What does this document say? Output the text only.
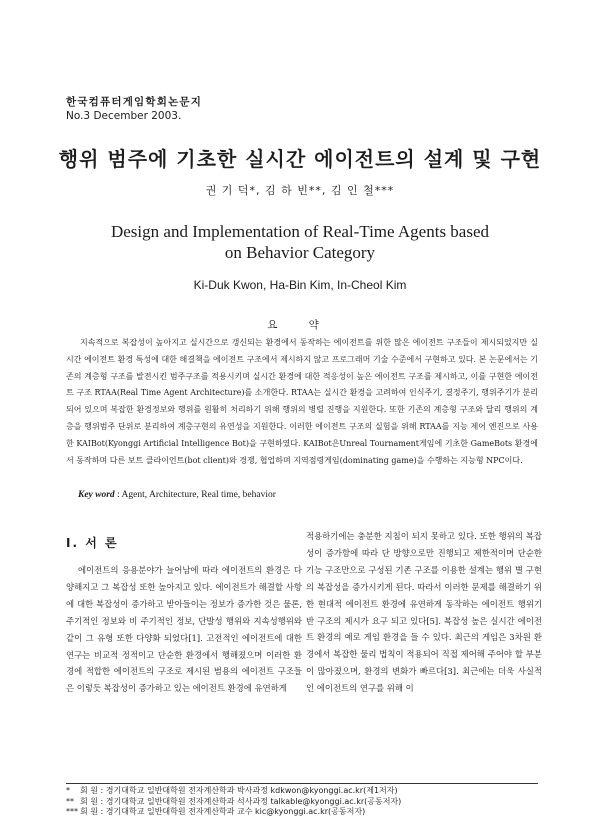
한국컴퓨터게임학회논문지
No.3 December 2003.
행위 범주에 기초한 실시간 에이전트의 설계 및 구현
권 기 덕*, 김 하 빈**, 김 인 철***
Design and Implementation of Real-Time Agents based
on Behavior Category
Ki-Duk Kwon, Ha-Bin Kim, In-Cheol Kim
요 약

지속적으로 복잡성이 높아지고 실시간으로 갱신되는 환경에서 동작하는 에이전트를 위한 많은 에이전트 구조들이 제시되었지만 실시간 에이전트 환경 특성에 대한 해결책을 에이전트 구조에서 제시하지 않고 프로그래머 기술 수준에서 구현하고 있다. 본 논문에서는 기존의 계층형 구조를 발전시킨 범주구조를 적용시키며 실시간 환경에 대한 적응성이 높은 에이전트 구조를 제시하고, 이를 구현한 에이전트 구조 RTAA(Real Time Agent Architecture)를 소개한다. RTAA는 실시간 환경을 고려하여 인식주기, 결정주기, 행위주기가 분리되어 있으며 복잡한 환경정보와 행위를 원활히 처리하기 위해 행위의 병렬 진행을 지원한다. 또한 기존의 계층형 구조와 달리 행위의 계층을 행위범주 단위로 분리하여 계층구현의 유연성을 지원한다. 이러한 에이전트 구조의 실험을 위해 RTAA를 지능 제어 엔진으로 사용한 KAIBot(Kyonggi Artificial Intelligence Bot)을 구현하였다. KAIBot은Unreal Tournament게임에 기초한 GameBots 환경에서 동작하며 다른 보트 클라이언트(bot client)와 경쟁, 협업하며 지역점령게임(dominating game)을 수행하는 지능형 NPC이다.

Key word : Agent, Architecture, Real time, behavior
Ⅰ. 서 론

에이전트의 응용분야가 늘어남에 따라 에이전트의 환경은 다양해지고 그 복잡성 또한 높아지고 있다. 에이전트가 해결할 사항에 대한 복잡성이 증가하고 받아들이는 정보가 증가한 것은 물론, 주기적인 정보와 비 주기적인 정보, 단발성 행위와 지속성행위와 같이 그 유형 또한 다양화 되었다[1]. 고전적인 에이전트에 대한 연구는 비교적 정적이고 단순한 환경에서 행해졌으며 이러한 환경에 적합한 에이전트의 구조로 제시된 범용의 에이전트 구조들은 이렇듯 복잡성이 증가하고 있는 에이전트 환경에 유연하게

적용하기에는 충분한 지침이 되지 못하고 있다. 또한 행위의 복잡성이 증가함에 따라 단 방향으로만 진행되고 제한적이며 단순한 기능 구조만으로 구성된 기존 구조를 이용한 설계는 행위 별 구현의 복잡성을 증가시키게 된다. 따라서 이러한 문제를 해결하기 위한 현대적 에이전트 환경에 유연하게 동작하는 에이전트 행위기반 구조의 제시가 요구 되고 있다[5]. 복잡성 높은 실시간 에이전트 환경의 예로 게임 환경을 들 수 있다. 최근의 게임은 3차원 환경에서 복잡한 물리 법칙이 적용되어 직접 제어해 주어야 할 부분이 많아졌으며, 환경의 변화가 빠르다[3]. 최근에는 더욱 사실적인 에이전트의 연구를 위해 이

* 회 원 : 경기대학교 일반대학원 전자계산학과 박사과정 kdkwon@kyonggi.ac.kr(제1저자)
** 회 원 : 경기대학교 일반대학원 전자계산학과 석사과정 talkable@kyonggi.ac.kr(공동저자)
*** 회 원 : 경기대학교 일반대학원 전자계산학과 교수 kic@kyonggi.ac.kr(공동저자)
